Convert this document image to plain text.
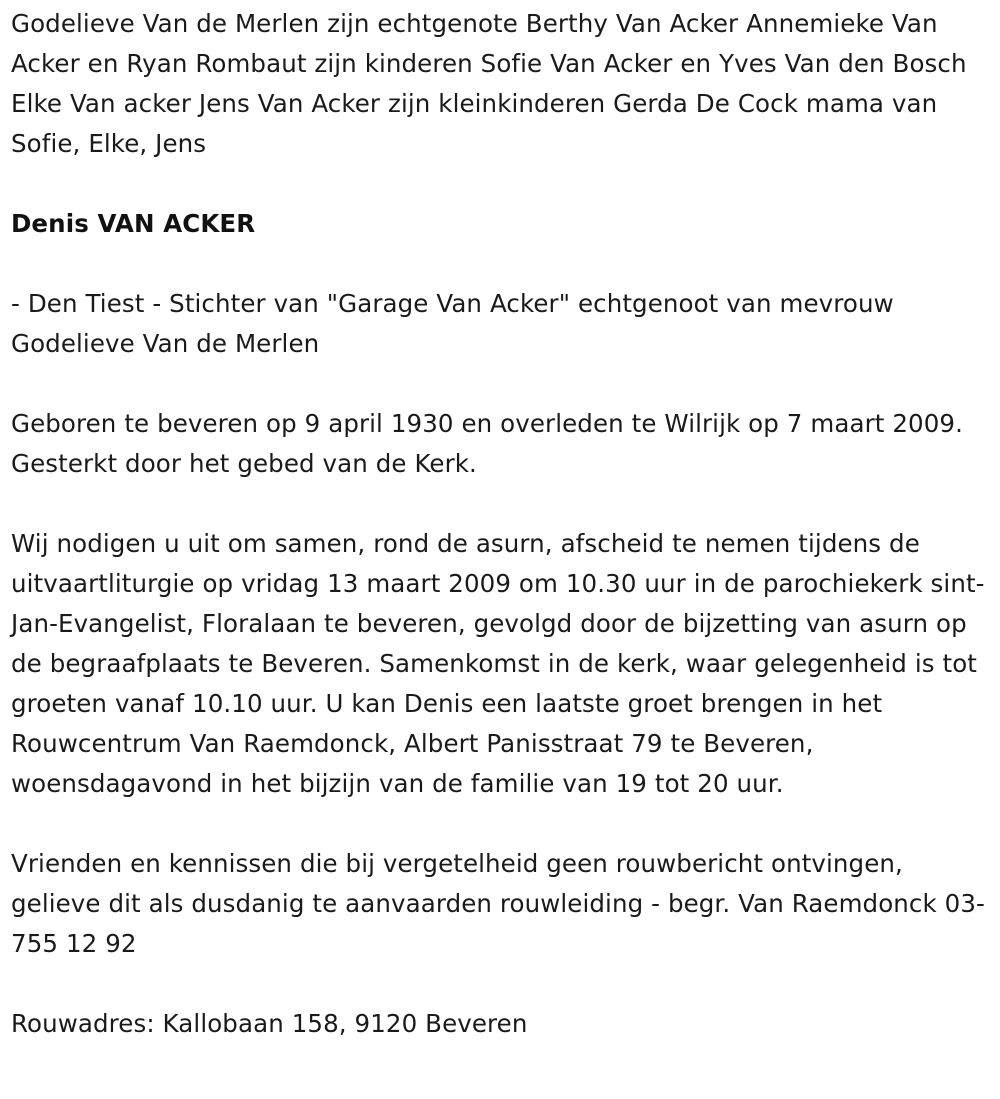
Godelieve Van de Merlen zijn echtgenote Berthy Van Acker Annemieke Van Acker en Ryan Rombaut zijn kinderen Sofie Van Acker en Yves Van den Bosch Elke Van acker Jens Van Acker zijn kleinkinderen Gerda De Cock mama van Sofie, Elke, Jens

Denis VAN ACKER

- Den Tiest - Stichter van "Garage Van Acker" echtgenoot van mevrouw Godelieve Van de Merlen

Geboren te beveren op 9 april 1930 en overleden te Wilrijk op 7 maart 2009. Gesterkt door het gebed van de Kerk.

Wij nodigen u uit om samen, rond de asurn, afscheid te nemen tijdens de uitvaartliturgie op vridag 13 maart 2009 om 10.30 uur in de parochiekerk sint-Jan-Evangelist, Floralaan te beveren, gevolgd door de bijzetting van asurn op de begraafplaats te Beveren. Samenkomst in de kerk, waar gelegenheid is tot groeten vanaf 10.10 uur. U kan Denis een laatste groet brengen in het Rouwcentrum Van Raemdonck, Albert Panisstraat 79 te Beveren, woensdagavond in het bijzijn van de familie van 19 tot 20 uur.

Vrienden en kennissen die bij vergetelheid geen rouwbericht ontvingen, gelieve dit als dusdanig te aanvaarden rouwleiding - begr. Van Raemdonck 03-755 12 92

Rouwadres: Kallobaan 158, 9120 Beveren
